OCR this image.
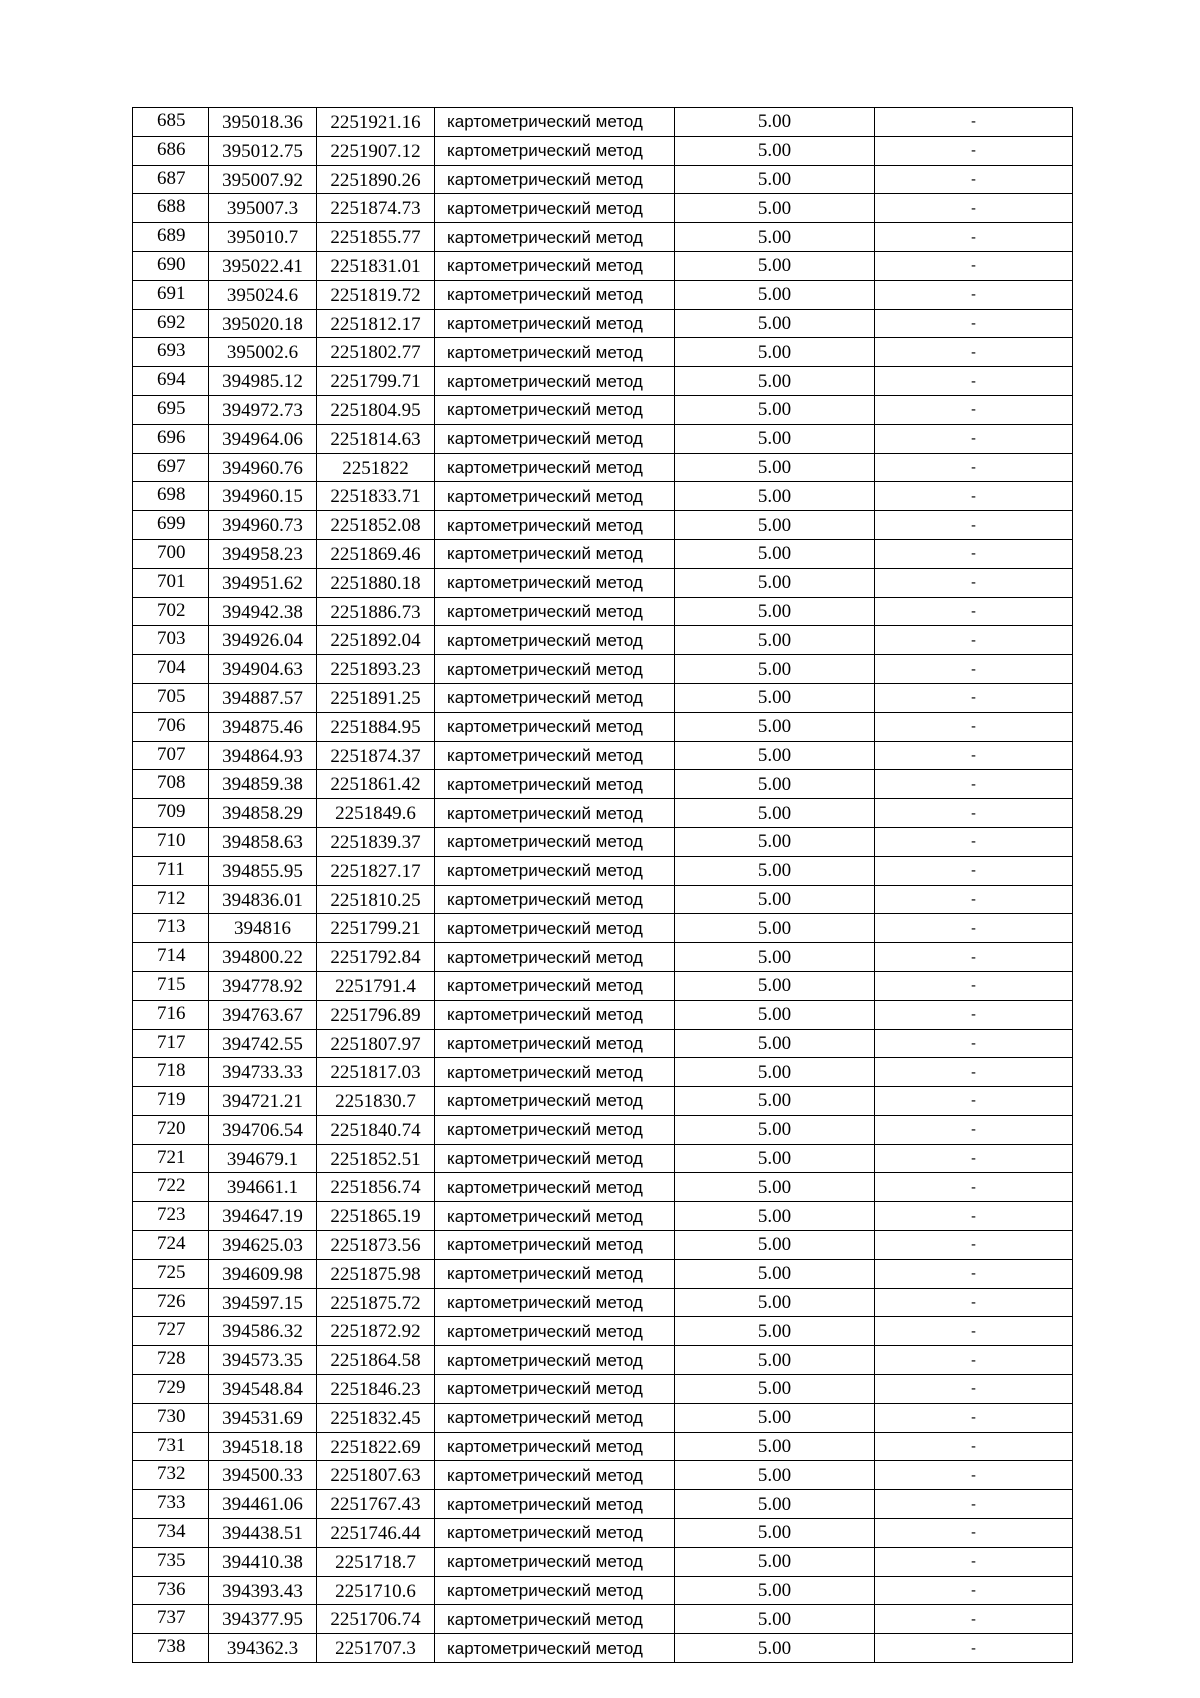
685	395018.36	2251921.16	картометрический метод	5.00	-
686	395012.75	2251907.12	картометрический метод	5.00	-
687	395007.92	2251890.26	картометрический метод	5.00	-
688	395007.3	2251874.73	картометрический метод	5.00	-
689	395010.7	2251855.77	картометрический метод	5.00	-
690	395022.41	2251831.01	картометрический метод	5.00	-
691	395024.6	2251819.72	картометрический метод	5.00	-
692	395020.18	2251812.17	картометрический метод	5.00	-
693	395002.6	2251802.77	картометрический метод	5.00	-
694	394985.12	2251799.71	картометрический метод	5.00	-
695	394972.73	2251804.95	картометрический метод	5.00	-
696	394964.06	2251814.63	картометрический метод	5.00	-
697	394960.76	2251822	картометрический метод	5.00	-
698	394960.15	2251833.71	картометрический метод	5.00	-
699	394960.73	2251852.08	картометрический метод	5.00	-
700	394958.23	2251869.46	картометрический метод	5.00	-
701	394951.62	2251880.18	картометрический метод	5.00	-
702	394942.38	2251886.73	картометрический метод	5.00	-
703	394926.04	2251892.04	картометрический метод	5.00	-
704	394904.63	2251893.23	картометрический метод	5.00	-
705	394887.57	2251891.25	картометрический метод	5.00	-
706	394875.46	2251884.95	картометрический метод	5.00	-
707	394864.93	2251874.37	картометрический метод	5.00	-
708	394859.38	2251861.42	картометрический метод	5.00	-
709	394858.29	2251849.6	картометрический метод	5.00	-
710	394858.63	2251839.37	картометрический метод	5.00	-
711	394855.95	2251827.17	картометрический метод	5.00	-
712	394836.01	2251810.25	картометрический метод	5.00	-
713	394816	2251799.21	картометрический метод	5.00	-
714	394800.22	2251792.84	картометрический метод	5.00	-
715	394778.92	2251791.4	картометрический метод	5.00	-
716	394763.67	2251796.89	картометрический метод	5.00	-
717	394742.55	2251807.97	картометрический метод	5.00	-
718	394733.33	2251817.03	картометрический метод	5.00	-
719	394721.21	2251830.7	картометрический метод	5.00	-
720	394706.54	2251840.74	картометрический метод	5.00	-
721	394679.1	2251852.51	картометрический метод	5.00	-
722	394661.1	2251856.74	картометрический метод	5.00	-
723	394647.19	2251865.19	картометрический метод	5.00	-
724	394625.03	2251873.56	картометрический метод	5.00	-
725	394609.98	2251875.98	картометрический метод	5.00	-
726	394597.15	2251875.72	картометрический метод	5.00	-
727	394586.32	2251872.92	картометрический метод	5.00	-
728	394573.35	2251864.58	картометрический метод	5.00	-
729	394548.84	2251846.23	картометрический метод	5.00	-
730	394531.69	2251832.45	картометрический метод	5.00	-
731	394518.18	2251822.69	картометрический метод	5.00	-
732	394500.33	2251807.63	картометрический метод	5.00	-
733	394461.06	2251767.43	картометрический метод	5.00	-
734	394438.51	2251746.44	картометрический метод	5.00	-
735	394410.38	2251718.7	картометрический метод	5.00	-
736	394393.43	2251710.6	картометрический метод	5.00	-
737	394377.95	2251706.74	картометрический метод	5.00	-
738	394362.3	2251707.3	картометрический метод	5.00	-
